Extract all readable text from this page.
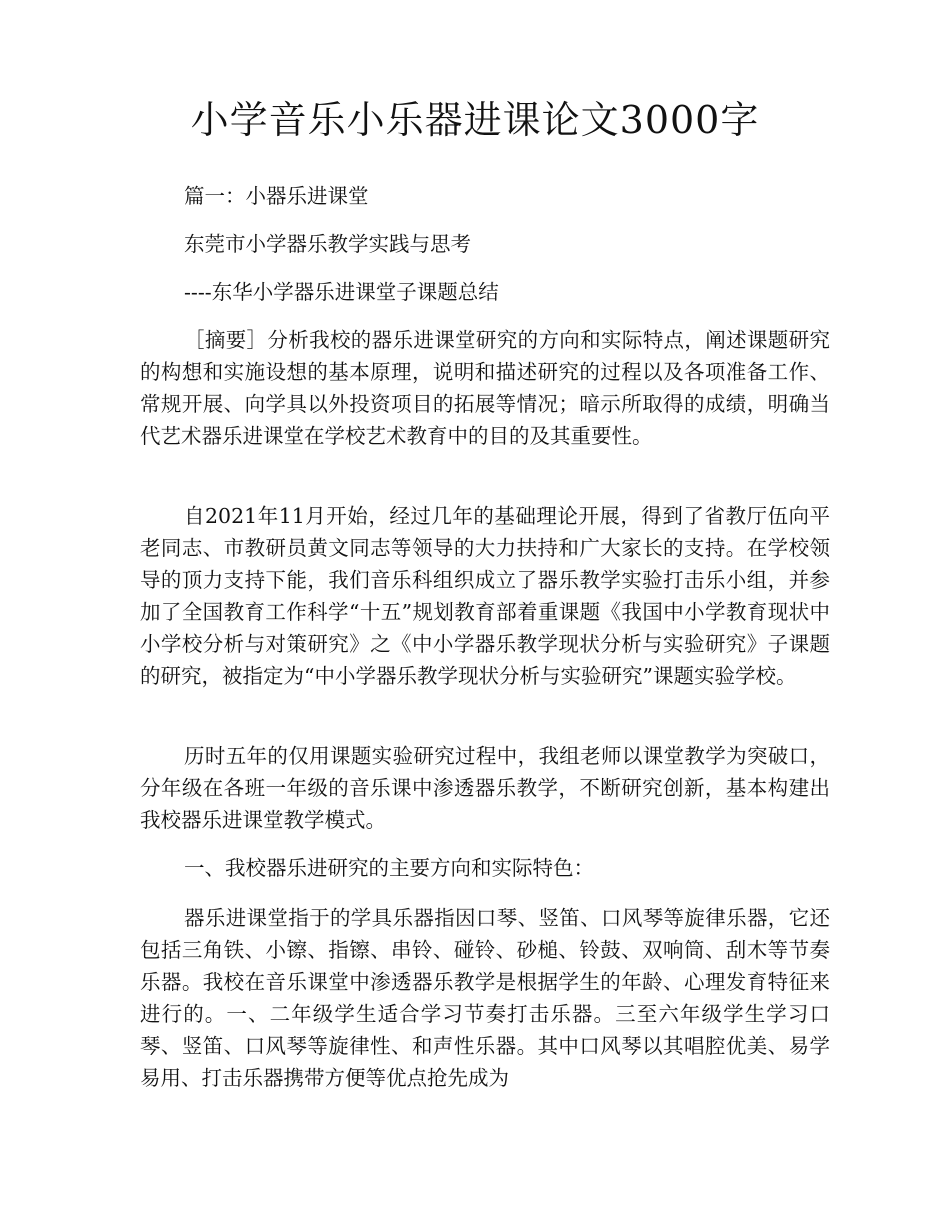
小学音乐小乐器进课论文3000字

篇一：小器乐进课堂

东莞市小学器乐教学实践与思考

----东华小学器乐进课堂子课题总结

［摘要］分析我校的器乐进课堂研究的方向和实际特点，阐述课题研究的构想和实施设想的基本原理，说明和描述研究的过程以及各项准备工作、常规开展、向学具以外投资项目的拓展等情况；暗示所取得的成绩，明确当代艺术器乐进课堂在学校艺术教育中的目的及其重要性。

自2021年11月开始，经过几年的基础理论开展，得到了省教厅伍向平老同志、市教研员黄文同志等领导的大力扶持和广大家长的支持。在学校领导的顶力支持下能，我们音乐科组织成立了器乐教学实验打击乐小组，并参加了全国教育工作科学“十五”规划教育部着重课题《我国中小学教育现状中小学校分析与对策研究》之《中小学器乐教学现状分析与实验研究》子课题的研究，被指定为“中小学器乐教学现状分析与实验研究”课题实验学校。

历时五年的仅用课题实验研究过程中，我组老师以课堂教学为突破口，分年级在各班一年级的音乐课中渗透器乐教学，不断研究创新，基本构建出我校器乐进课堂教学模式。

一、我校器乐进研究的主要方向和实际特色：

器乐进课堂指于的学具乐器指因口琴、竖笛、口风琴等旋律乐器，它还包括三角铁、小镲、指镲、串铃、碰铃、砂槌、铃鼓、双响筒、刮木等节奏乐器。我校在音乐课堂中渗透器乐教学是根据学生的年龄、心理发育特征来进行的。一、二年级学生适合学习节奏打击乐器。三至六年级学生学习口琴、竖笛、口风琴等旋律性、和声性乐器。其中口风琴以其唱腔优美、易学易用、打击乐器携带方便等优点抢先成为
